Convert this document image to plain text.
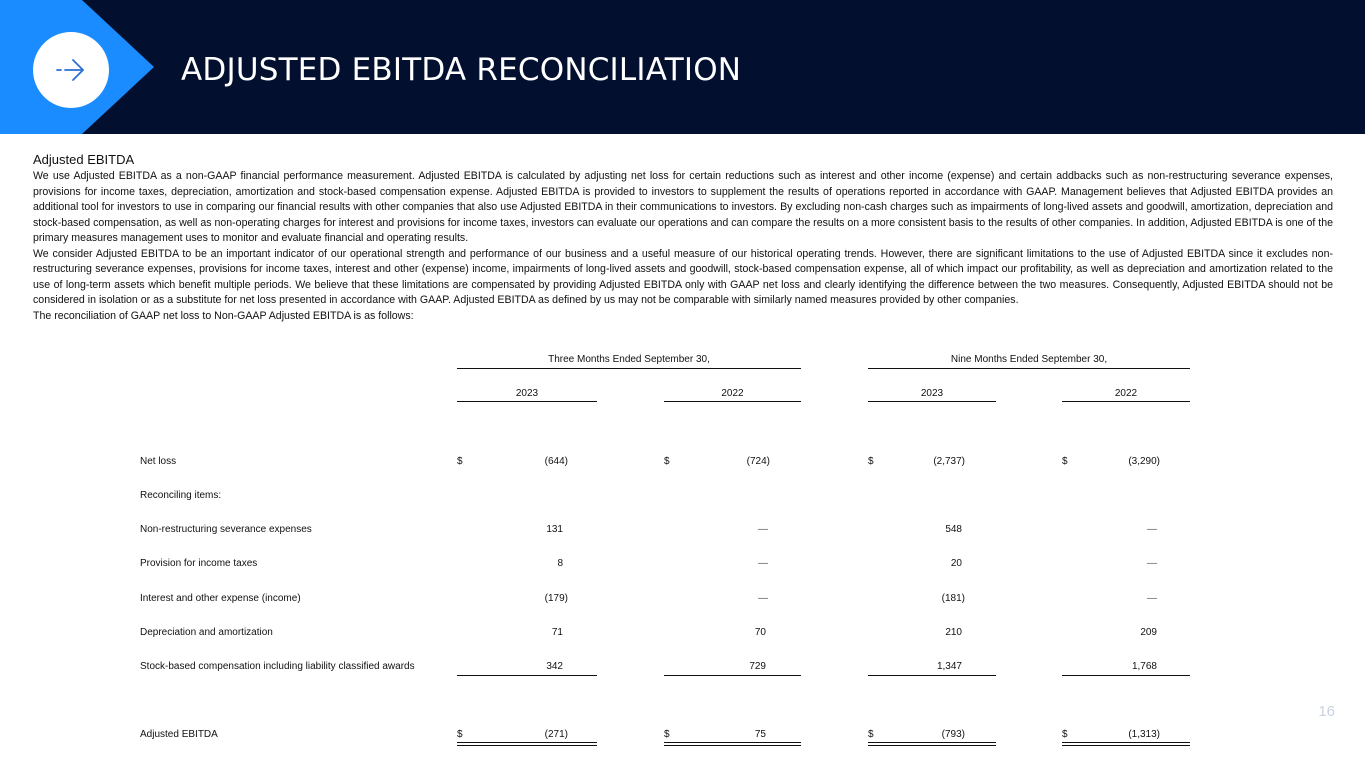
ADJUSTED EBITDA RECONCILIATION
Adjusted EBITDA

We use Adjusted EBITDA as a non-GAAP financial performance measurement. Adjusted EBITDA is calculated by adjusting net loss for certain reductions such as interest and other income (expense) and certain addbacks such as non-restructuring severance expenses, provisions for income taxes, depreciation, amortization and stock-based compensation expense. Adjusted EBITDA is provided to investors to supplement the results of operations reported in accordance with GAAP. Management believes that Adjusted EBITDA provides an additional tool for investors to use in comparing our financial results with other companies that also use Adjusted EBITDA in their communications to investors. By excluding non-cash charges such as impairments of long-lived assets and goodwill, amortization, depreciation and stock-based compensation, as well as non-operating charges for interest and provisions for income taxes, investors can evaluate our operations and can compare the results on a more consistent basis to the results of other companies. In addition, Adjusted EBITDA is one of the primary measures management uses to monitor and evaluate financial and operating results.

We consider Adjusted EBITDA to be an important indicator of our operational strength and performance of our business and a useful measure of our historical operating trends. However, there are significant limitations to the use of Adjusted EBITDA since it excludes non-restructuring severance expenses, provisions for income taxes, interest and other (expense) income, impairments of long-lived assets and goodwill, stock-based compensation expense, all of which impact our profitability, as well as depreciation and amortization related to the use of long-term assets which benefit multiple periods. We believe that these limitations are compensated by providing Adjusted EBITDA only with GAAP net loss and clearly identifying the difference between the two measures. Consequently, Adjusted EBITDA should not be considered in isolation or as a substitute for net loss presented in accordance with GAAP. Adjusted EBITDA as defined by us may not be comparable with similarly named measures provided by other companies.

The reconciliation of GAAP net loss to Non-GAAP Adjusted EBITDA is as follows:

Three Months Ended September 30,	Nine Months Ended September 30,
2023	2022	2023	2022
Net loss	$	(644)	$	(724)	$	(2,737)	$	(3,290)
Reconciling items:
Non-restructuring severance expenses	131	—	548	—
Provision for income taxes	8	—	20	—
Interest and other expense (income)	(179)	—	(181)	—
Depreciation and amortization	71	70	210	209
Stock-based compensation including liability classified awards	342	729	1,347	1,768
Adjusted EBITDA	$	(271)	$	75	$	(793)	$	(1,313)
16
